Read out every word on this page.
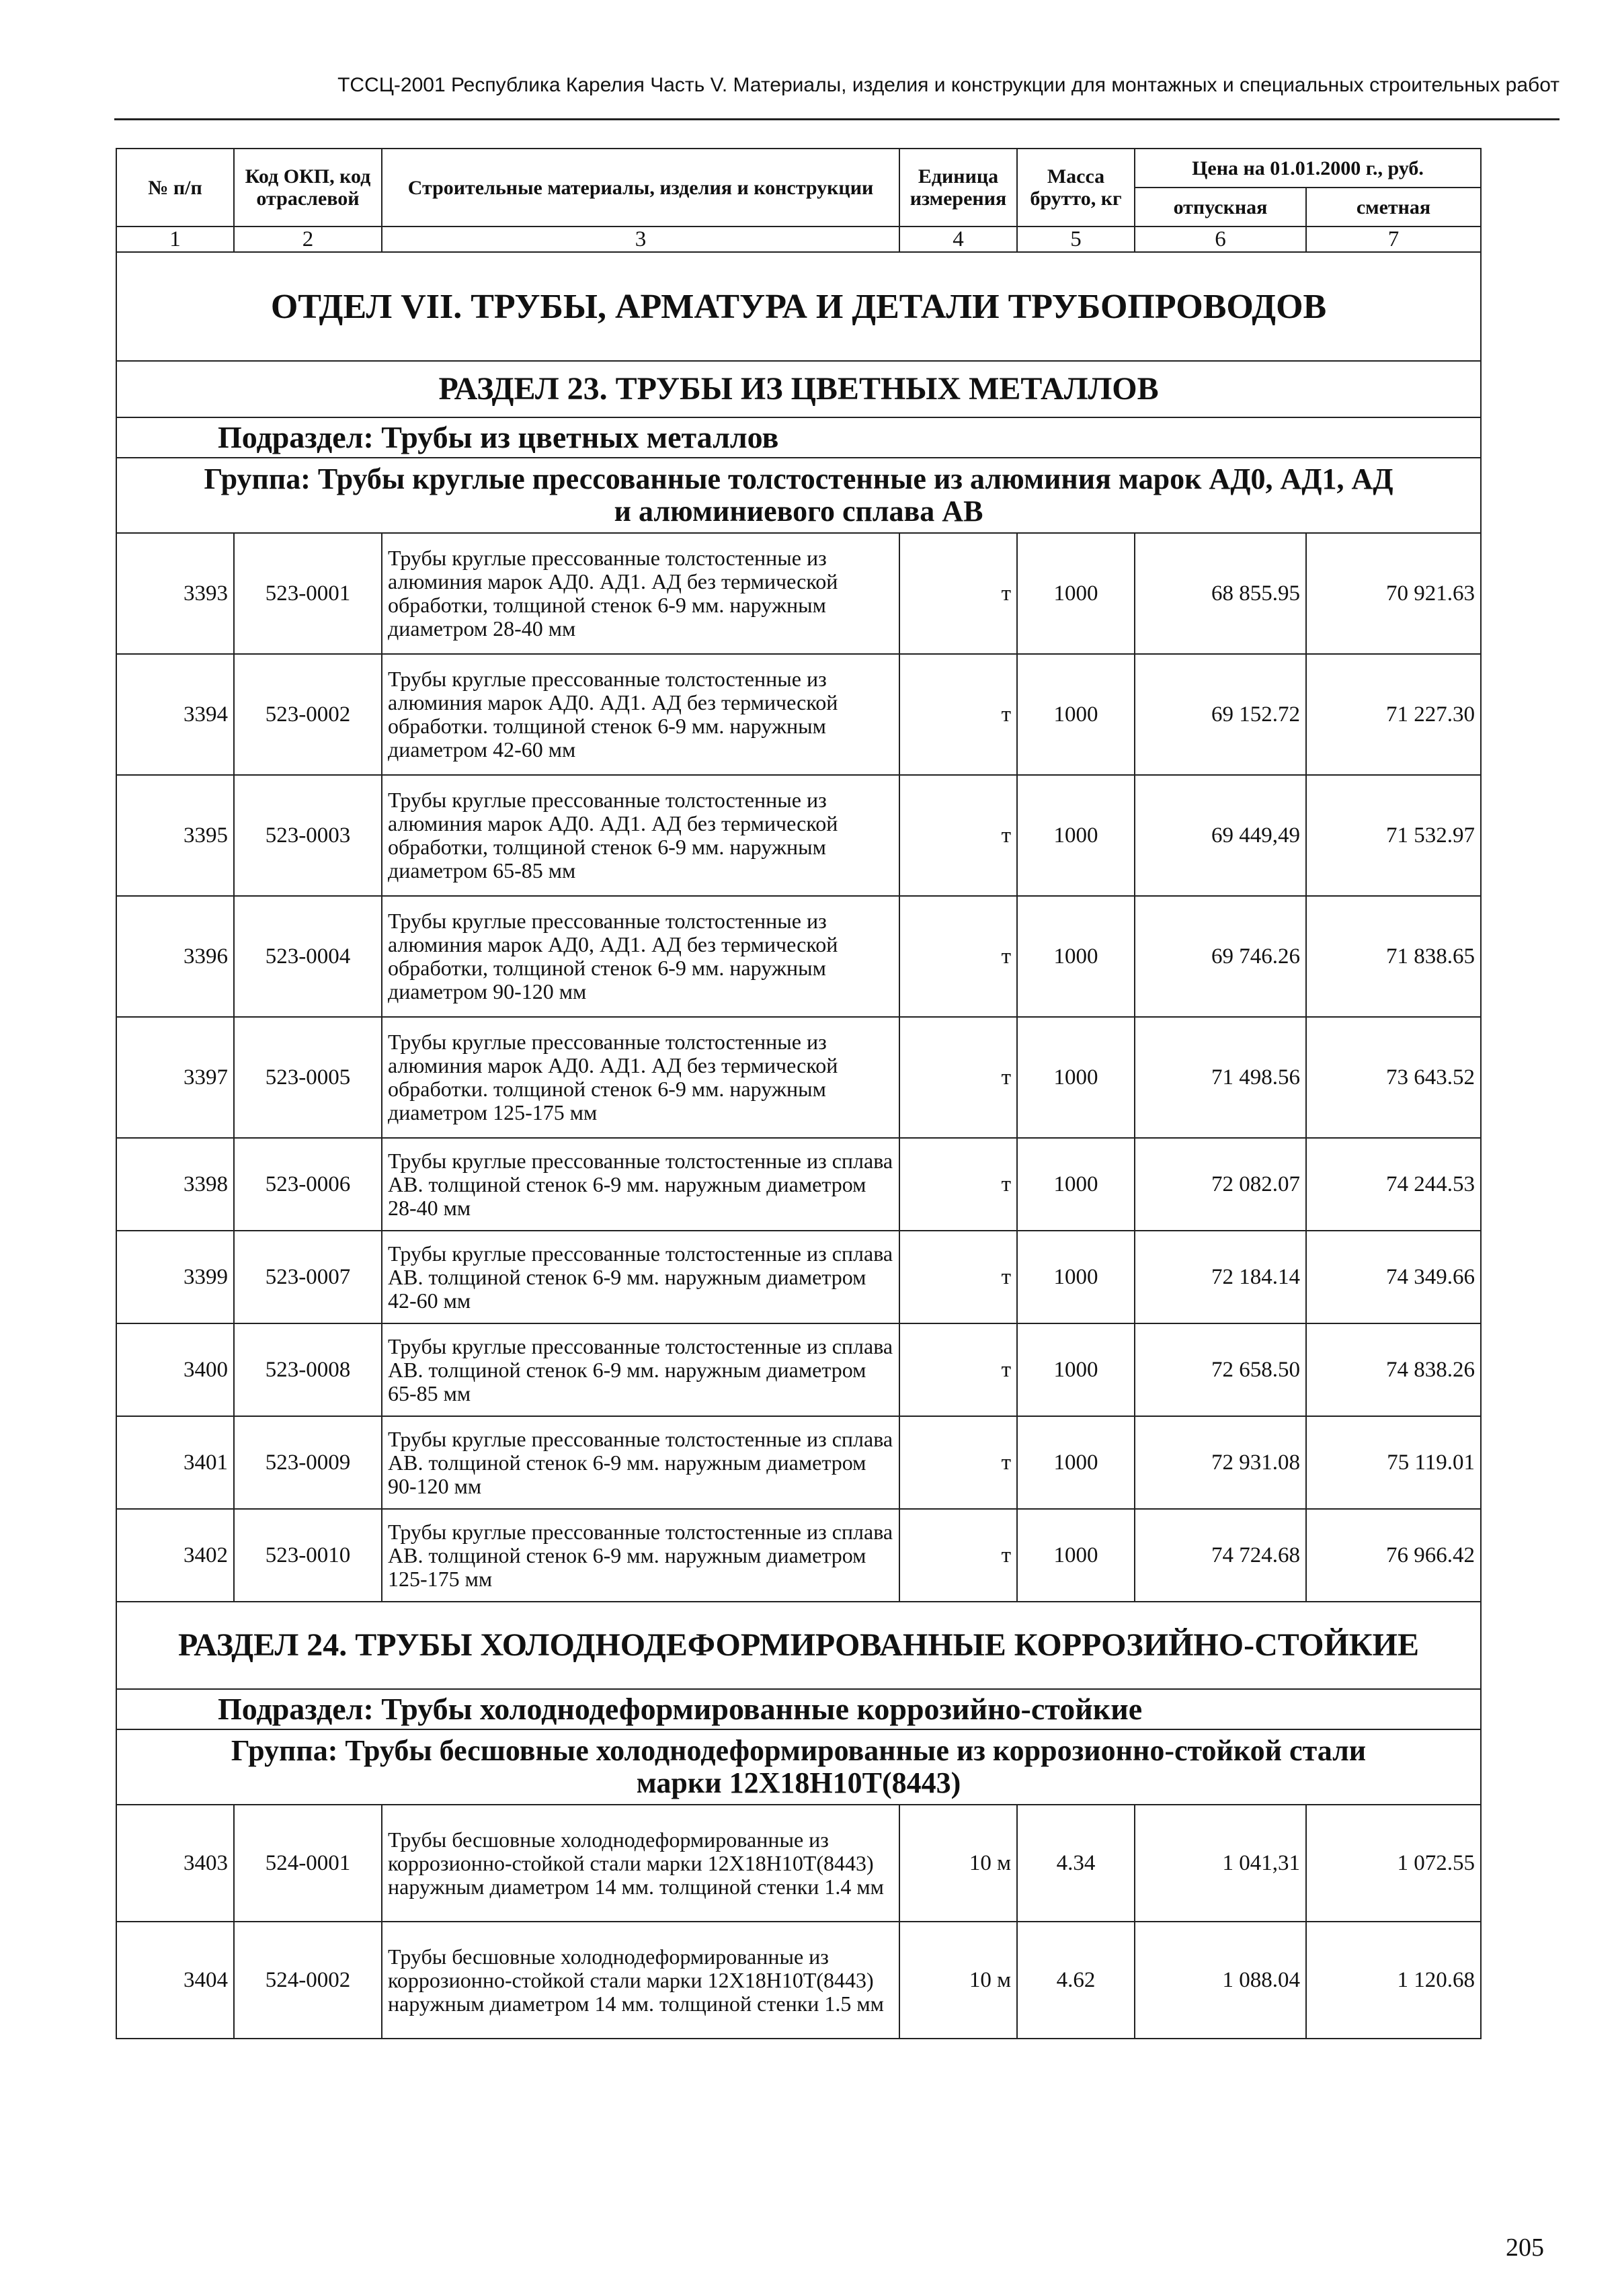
ТССЦ-2001 Республика Карелия Часть V. Материалы, изделия и конструкции для монтажных и специальных строительных работ
№ п/п	Код ОКП, код отраслевой	Строительные материалы, изделия и конструкции	Единица измерения	Масса брутто, кг	Цена на 01.01.2000 г., руб.	
					отпускная	сметная
1	2	3	4	5	6	7
ОТДЕЛ VII. ТРУБЫ, АРМАТУРА И ДЕТАЛИ ТРУБОПРОВОДОВ						
РАЗДЕЛ 23. ТРУБЫ ИЗ ЦВЕТНЫХ МЕТАЛЛОВ						
Подраздел: Трубы из цветных металлов						
Группа: Трубы круглые прессованные толстостенные из алюминия марок АД0, АД1, АД и алюминиевого сплава АВ						
3393	523-0001	Трубы круглые прессованные толстостенные из алюминия марок АД0. АД1. АД без термической обработки, толщиной стенок 6-9 мм. наружным диаметром 28-40 мм	т	1000	68 855.95	70 921.63
3394	523-0002	Трубы круглые прессованные толстостенные из алюминия марок АД0. АД1. АД без термической обработки. толщиной стенок 6-9 мм. наружным диаметром 42-60 мм	т	1000	69 152.72	71 227.30
3395	523-0003	Трубы круглые прессованные толстостенные из алюминия марок АД0. АД1. АД без термической обработки, толщиной стенок 6-9 мм. наружным диаметром 65-85 мм	т	1000	69 449,49	71 532.97
3396	523-0004	Трубы круглые прессованные толстостенные из алюминия марок АД0, АД1. АД без термической обработки, толщиной стенок 6-9 мм. наружным диаметром 90-120 мм	т	1000	69 746.26	71 838.65
3397	523-0005	Трубы круглые прессованные толстостенные из алюминия марок АД0. АД1. АД без термической обработки. толщиной стенок 6-9 мм. наружным диаметром 125-175 мм	т	1000	71 498.56	73 643.52
3398	523-0006	Трубы круглые прессованные толстостенные из сплава АВ. толщиной стенок 6-9 мм. наружным диаметром 28-40 мм	т	1000	72 082.07	74 244.53
3399	523-0007	Трубы круглые прессованные толстостенные из сплава АВ. толщиной стенок 6-9 мм. наружным диаметром 42-60 мм	т	1000	72 184.14	74 349.66
3400	523-0008	Трубы круглые прессованные толстостенные из сплава АВ. толщиной стенок 6-9 мм. наружным диаметром 65-85 мм	т	1000	72 658.50	74 838.26
3401	523-0009	Трубы круглые прессованные толстостенные из сплава АВ. толщиной стенок 6-9 мм. наружным диаметром 90-120 мм	т	1000	72 931.08	75 119.01
3402	523-0010	Трубы круглые прессованные толстостенные из сплава АВ. толщиной стенок 6-9 мм. наружным диаметром 125-175 мм	т	1000	74 724.68	76 966.42
РАЗДЕЛ 24. ТРУБЫ ХОЛОДНОДЕФОРМИРОВАННЫЕ КОРРОЗИЙНО-СТОЙКИЕ						
Подраздел: Трубы холоднодеформированные коррозийно-стойкие						
Группа: Трубы бесшовные холоднодеформированные из коррозионно-стойкой стали марки 12Х18Н10Т(8443)						
3403	524-0001	Трубы бесшовные холоднодеформированные из коррозионно-стойкой стали марки 12Х18Н10Т(8443) наружным диаметром 14 мм. толщиной стенки 1.4 мм	10 м	4.34	1 041,31	1 072.55
3404	524-0002	Трубы бесшовные холоднодеформированные из коррозионно-стойкой стали марки 12Х18Н10Т(8443) наружным диаметром 14 мм. толщиной стенки 1.5 мм	10 м	4.62	1 088.04	1 120.68
205
